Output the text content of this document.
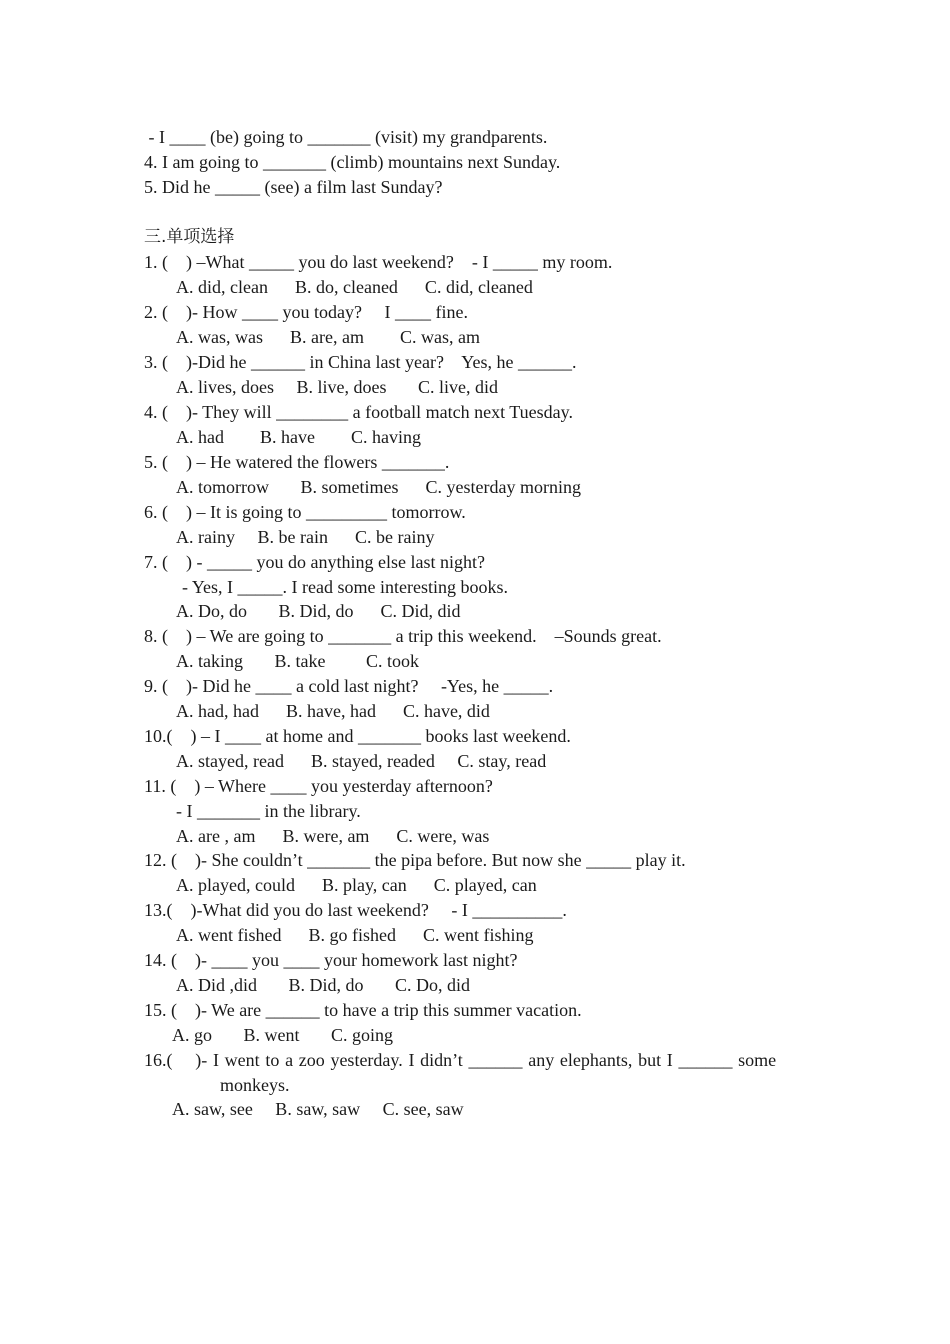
- I ____ (be) going to _______ (visit) my grandparents.
4. I am going to _______ (climb) mountains next Sunday.
5. Did he _____ (see) a film last Sunday?
三.单项选择
1. (    ) –What _____ you do last weekend?    - I _____ my room.
A. did, clean      B. do, cleaned      C. did, cleaned
2. (    )- How ____ you today?     I ____ fine.
A. was, was      B. are, am        C. was, am
3. (    )-Did he ______ in China last year?    Yes, he ______.
A. lives, does     B. live, does       C. live, did
4. (    )- They will ________ a football match next Tuesday.
A. had        B. have        C. having
5. (    ) – He watered the flowers _______.
A. tomorrow       B. sometimes      C. yesterday morning
6. (    ) – It is going to _________ tomorrow.
A. rainy     B. be rain      C. be rainy
7. (    ) - _____ you do anything else last night?
- Yes, I _____. I read some interesting books.
A. Do, do       B. Did, do      C. Did, did
8. (    ) – We are going to _______ a trip this weekend.    –Sounds great.
A. taking       B. take         C. took
9. (    )- Did he ____ a cold last night?     -Yes, he _____.
A. had, had      B. have, had      C. have, did
10.(    ) – I ____ at home and _______ books last weekend.
A. stayed, read      B. stayed, readed     C. stay, read
11. (    ) – Where ____ you yesterday afternoon?
- I _______ in the library.
A. are , am      B. were, am      C. were, was
12. (    )- She couldn’t _______ the pipa before. But now she _____ play it.
A. played, could      B. play, can      C. played, can
13.(    )-What did you do last weekend?     - I __________.
A. went fished      B. go fished      C. went fishing
14. (    )- ____ you ____ your homework last night?
A. Did ,did       B. Did, do       C. Do, did
15. (    )- We are ______ to have a trip this summer vacation.
A. go       B. went       C. going
16.(    )- I went to a zoo yesterday. I didn’t ______ any elephants, but I ______ some
monkeys.
A. saw, see     B. saw, saw     C. see, saw
